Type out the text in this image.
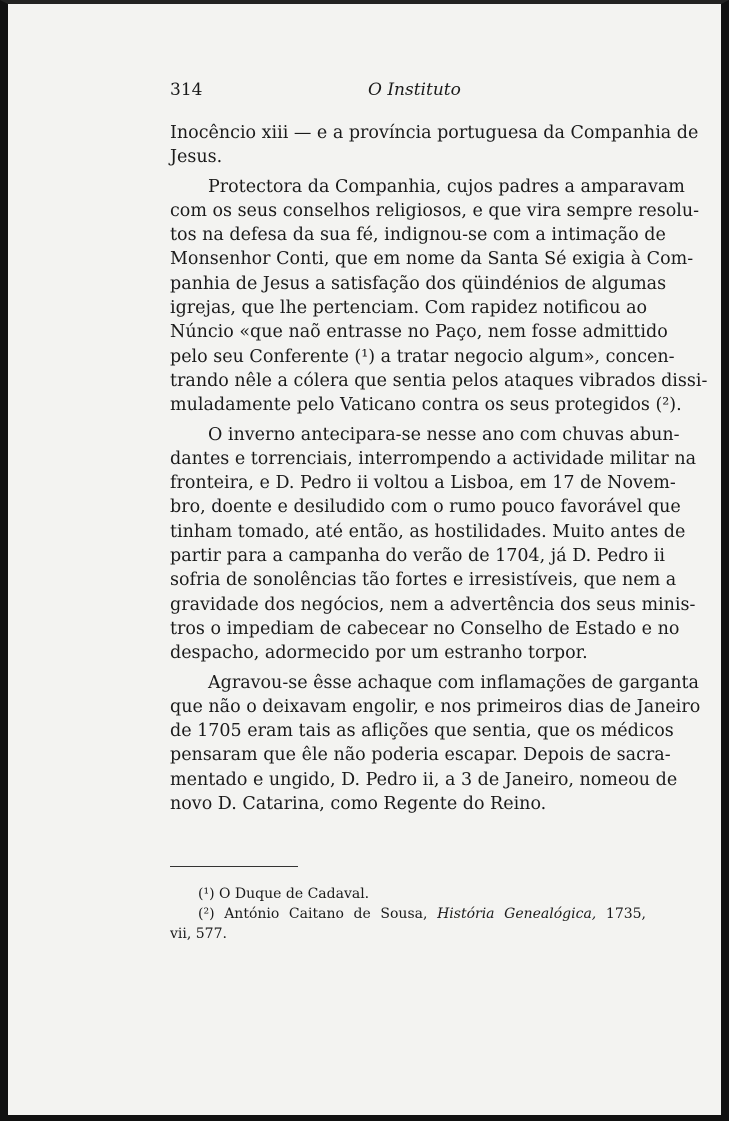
314	O Instituto
Inocêncio xiii — e a província portuguesa da Companhia de
Jesus.
Protectora da Companhia, cujos padres a amparavam
com os seus conselhos religiosos, e que vira sempre resolu-
tos na defesa da sua fé, indignou-se com a intimação de
Monsenhor Conti, que em nome da Santa Sé exigia à Com-
panhia de Jesus a satisfação dos qüindénios de algumas
igrejas, que lhe pertenciam. Com rapidez notificou ao
Núncio «que naõ entrasse no Paço, nem fosse admittido
pelo seu Conferente (¹) a tratar negocio algum», concen-
trando nêle a cólera que sentia pelos ataques vibrados dissi-
muladamente pelo Vaticano contra os seus protegidos (²).
O inverno antecipara-se nesse ano com chuvas abun-
dantes e torrenciais, interrompendo a actividade militar na
fronteira, e D. Pedro ii voltou a Lisboa, em 17 de Novem-
bro, doente e desiludido com o rumo pouco favorável que
tinham tomado, até então, as hostilidades. Muito antes de
partir para a campanha do verão de 1704, já D. Pedro ii
sofria de sonolências tão fortes e irresistíveis, que nem a
gravidade dos negócios, nem a advertência dos seus minis-
tros o impediam de cabecear no Conselho de Estado e no
despacho, adormecido por um estranho torpor.
Agravou-se êsse achaque com inflamações de garganta
que não o deixavam engolir, e nos primeiros dias de Janeiro
de 1705 eram tais as aflições que sentia, que os médicos
pensaram que êle não poderia escapar. Depois de sacra-
mentado e ungido, D. Pedro ii, a 3 de Janeiro, nomeou de
novo D. Catarina, como Regente do Reino.
(¹) O Duque de Cadaval.
(²) António Caitano de Sousa, História Genealógica, 1735,
vii, 577.
